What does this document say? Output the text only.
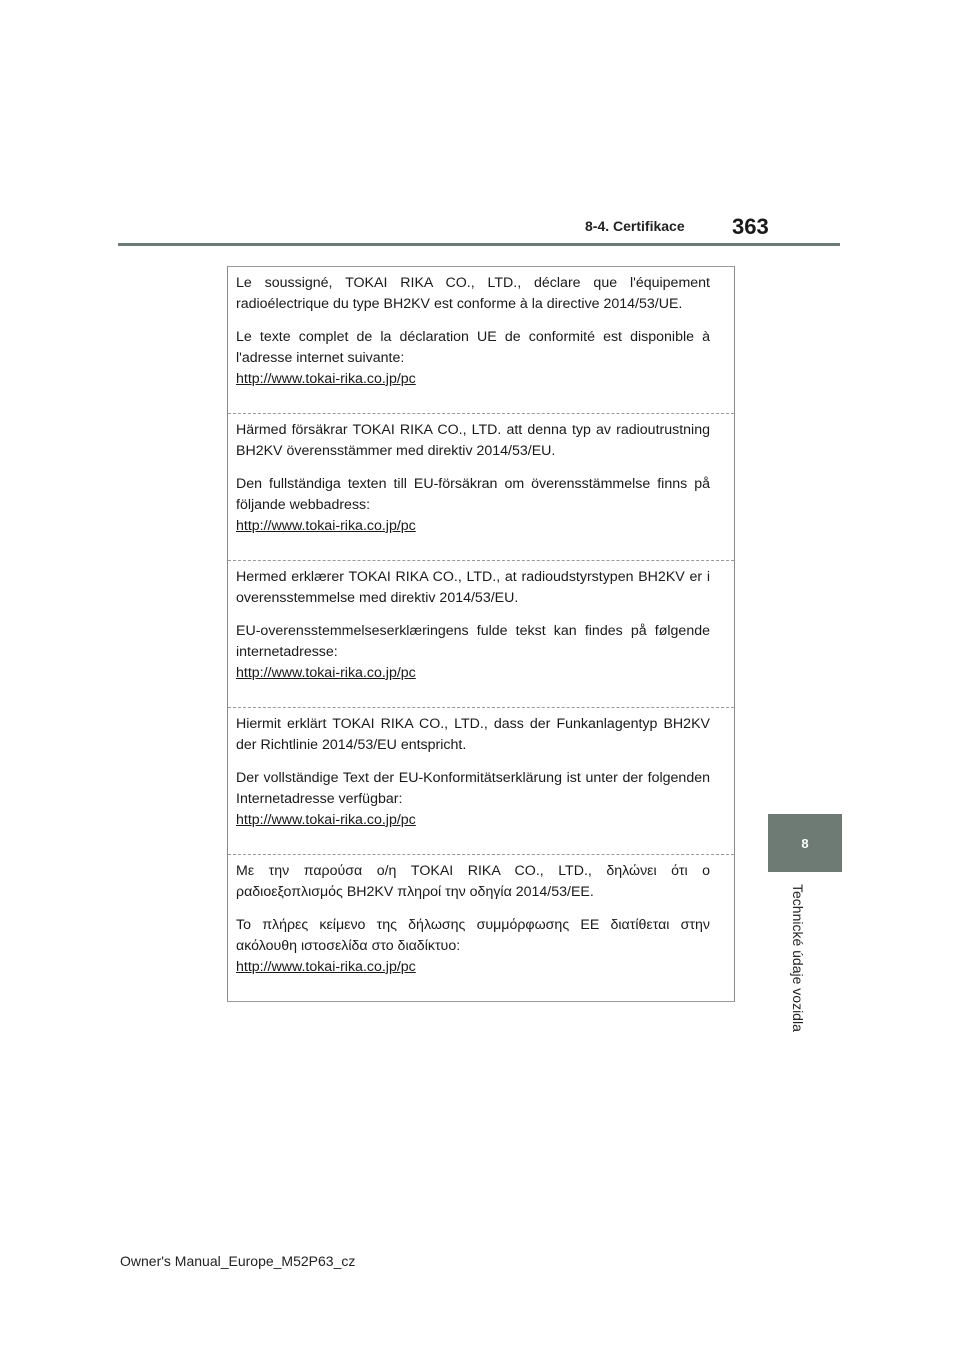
8-4. Certifikace 363
8
Technické údaje vozidla

Le soussigné, TOKAI RIKA CO., LTD., déclare que l'équipement radioélectrique du type BH2KV est conforme à la directive 2014/53/UE.

Le texte complet de la déclaration UE de conformité est disponible à l'adresse internet suivante:

http://www.tokai-rika.co.jp/pc

Härmed försäkrar TOKAI RIKA CO., LTD. att denna typ av radioutrustning BH2KV överensstämmer med direktiv 2014/53/EU.

Den fullständiga texten till EU-försäkran om överensstämmelse finns på följande webbadress:

http://www.tokai-rika.co.jp/pc

Hermed erklærer TOKAI RIKA CO., LTD., at radioudstyrstypen BH2KV er i overensstemmelse med direktiv 2014/53/EU.

EU-overensstemmelseserklæringens fulde tekst kan findes på følgende internetadresse:

http://www.tokai-rika.co.jp/pc

Hiermit erklärt TOKAI RIKA CO., LTD., dass der Funkanlagentyp BH2KV der Richtlinie 2014/53/EU entspricht.

Der vollständige Text der EU-Konformitätserklärung ist unter der folgenden Internetadresse verfügbar:

http://www.tokai-rika.co.jp/pc

Με την παρούσα ο/η TOKAI RIKA CO., LTD., δηλώνει ότι ο ραδιοεξοπλισμός BH2KV πληροί την οδηγία 2014/53/ΕΕ.

Το πλήρες κείμενο της δήλωσης συμμόρφωσης ΕΕ διατίθεται στην ακόλουθη ιστοσελίδα στο διαδίκτυο:

http://www.tokai-rika.co.jp/pc
Owner's Manual_Europe_M52P63_cz
